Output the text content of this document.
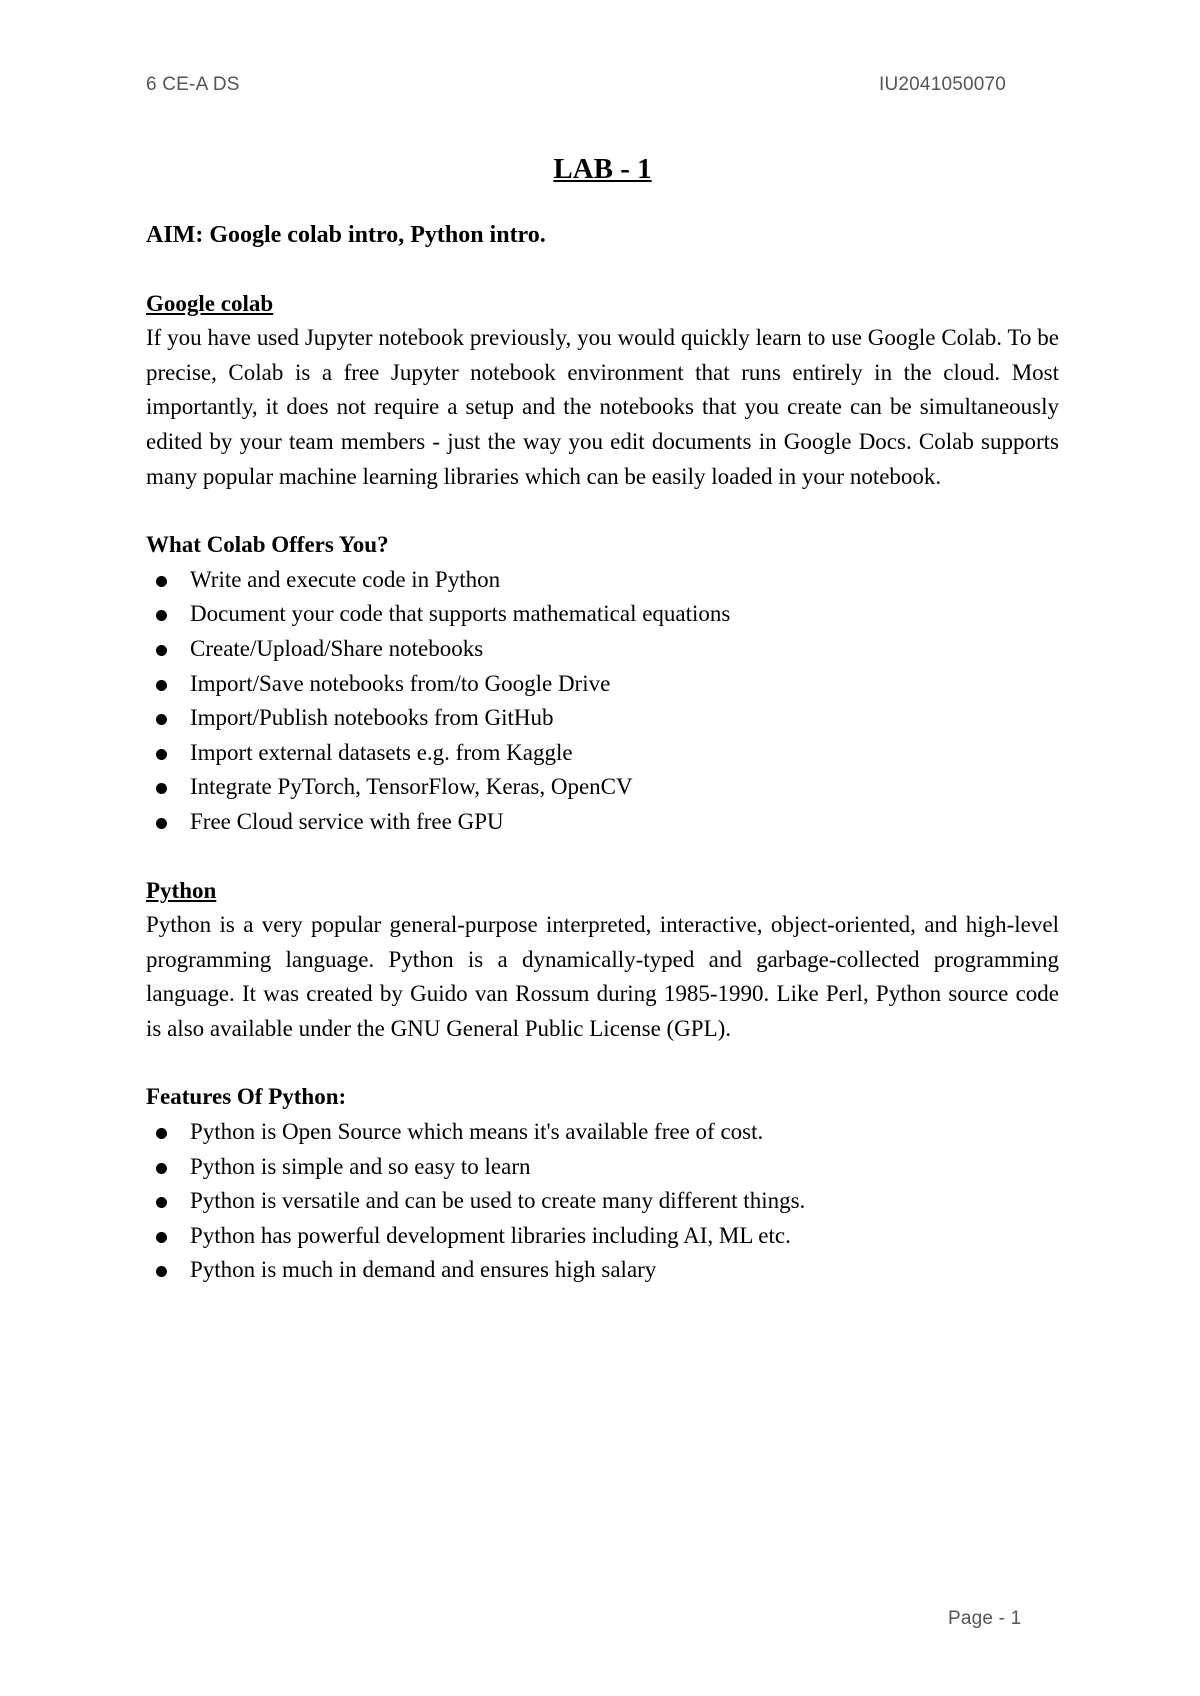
6 CE-A DS	IU2041050070
LAB - 1
AIM: Google colab intro, Python intro.
Google colab

If you have used Jupyter notebook previously, you would quickly learn to use Google Colab. To be precise, Colab is a free Jupyter notebook environment that runs entirely in the cloud. Most importantly, it does not require a setup and the notebooks that you create can be simultaneously edited by your team members - just the way you edit documents in Google Docs. Colab supports many popular machine learning libraries which can be easily loaded in your notebook.

What Colab Offers You?
Write and execute code in Python
Document your code that supports mathematical equations
Create/Upload/Share notebooks
Import/Save notebooks from/to Google Drive
Import/Publish notebooks from GitHub
Import external datasets e.g. from Kaggle
Integrate PyTorch, TensorFlow, Keras, OpenCV
Free Cloud service with free GPU
Python

Python is a very popular general-purpose interpreted, interactive, object-oriented, and high-level programming language. Python is a dynamically-typed and garbage-collected programming language. It was created by Guido van Rossum during 1985-1990. Like Perl, Python source code is also available under the GNU General Public License (GPL).

Features Of Python:
Python is Open Source which means it's available free of cost.
Python is simple and so easy to learn
Python is versatile and can be used to create many different things.
Python has powerful development libraries including AI, ML etc.
Python is much in demand and ensures high salary
Page - 1
